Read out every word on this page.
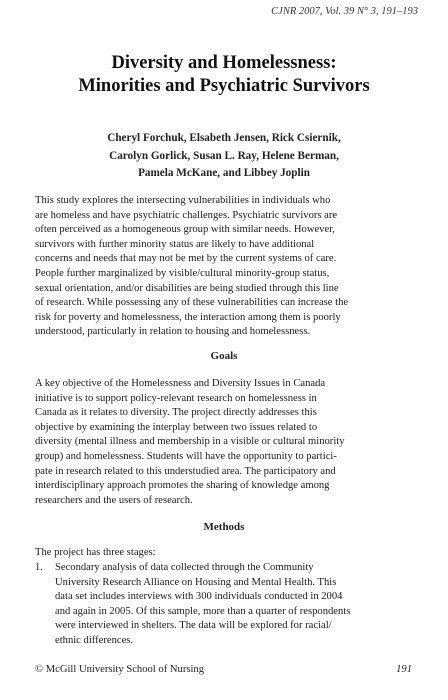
CJNR 2007, Vol. 39 N° 3, 191–193
Diversity and Homelessness:
Minorities and Psychiatric Survivors
Cheryl Forchuk, Elsabeth Jensen, Rick Csiernik,
Carolyn Gorlick, Susan L. Ray, Helene Berman,
Pamela McKane, and Libbey Joplin
This study explores the intersecting vulnerabilities in individuals who
are homeless and have psychiatric challenges. Psychiatric survivors are
often perceived as a homogeneous group with similar needs. However,
survivors with further minority status are likely to have additional
concerns and needs that may not be met by the current systems of care.
People further marginalized by visible/cultural minority-group status,
sexual orientation, and/or disabilities are being studied through this line
of research. While possessing any of these vulnerabilities can increase the
risk for poverty and homelessness, the interaction among them is poorly
understood, particularly in relation to housing and homelessness.
Goals
A key objective of the Homelessness and Diversity Issues in Canada
initiative is to support policy-relevant research on homelessness in
Canada as it relates to diversity. The project directly addresses this
objective by examining the interplay between two issues related to
diversity (mental illness and membership in a visible or cultural minority
group) and homelessness. Students will have the opportunity to partici-
pate in research related to this understudied area. The participatory and
interdisciplinary approach promotes the sharing of knowledge among
researchers and the users of research.
Methods
The project has three stages:
1. Secondary analysis of data collected through the Community
University Research Alliance on Housing and Mental Health. This
data set includes interviews with 300 individuals conducted in 2004
and again in 2005. Of this sample, more than a quarter of respondents
were interviewed in shelters. The data will be explored for racial/
ethnic differences.
© McGill University School of Nursing	191
